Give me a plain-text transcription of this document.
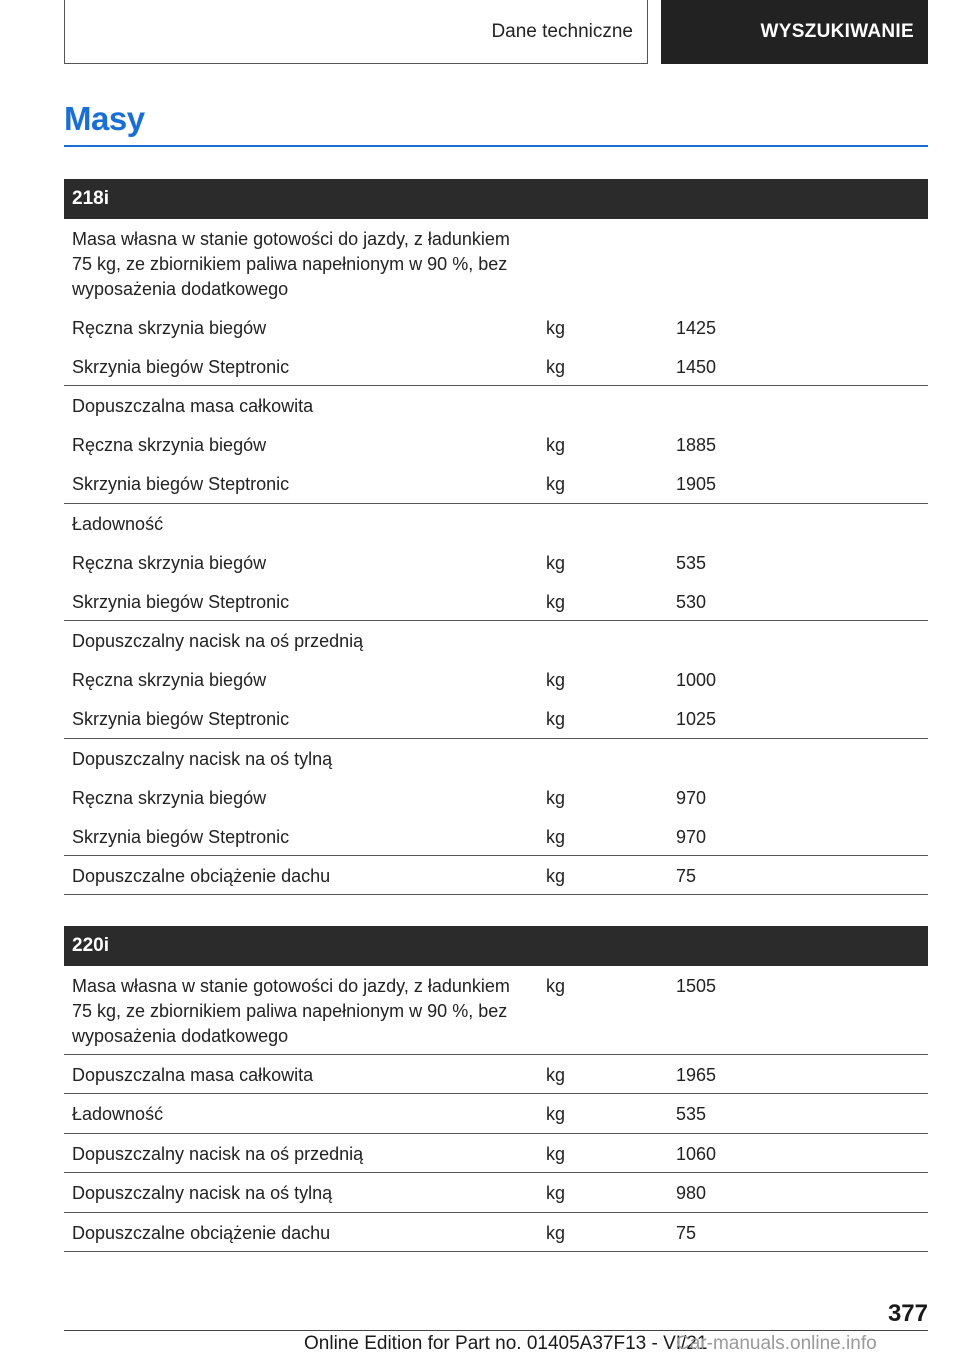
Dane techniczne	WYSZUKIWANIE
Masy
218i
Masa własna w stanie gotowości do jazdy, z ładunkiem
75 kg, ze zbiornikiem paliwa napełnionym w 90 %, bez
wyposażenia dodatkowego
Ręczna skrzynia biegów	kg	1425
Skrzynia biegów Steptronic	kg	1450
Dopuszczalna masa całkowita
Ręczna skrzynia biegów	kg	1885
Skrzynia biegów Steptronic	kg	1905
Ładowność
Ręczna skrzynia biegów	kg	535
Skrzynia biegów Steptronic	kg	530
Dopuszczalny nacisk na oś przednią
Ręczna skrzynia biegów	kg	1000
Skrzynia biegów Steptronic	kg	1025
Dopuszczalny nacisk na oś tylną
Ręczna skrzynia biegów	kg	970
Skrzynia biegów Steptronic	kg	970
Dopuszczalne obciążenie dachu	kg	75
220i
Masa własna w stanie gotowości do jazdy, z ładunkiem
75 kg, ze zbiornikiem paliwa napełnionym w 90 %, bez
wyposażenia dodatkowego
kg	1505
Dopuszczalna masa całkowita	kg	1965
Ładowność	kg	535
Dopuszczalny nacisk na oś przednią	kg	1060
Dopuszczalny nacisk na oś tylną	kg	980
Dopuszczalne obciążenie dachu	kg	75
377
Online Edition for Part no. 01405A37F13 - VI/21
Car-manuals.online.info
